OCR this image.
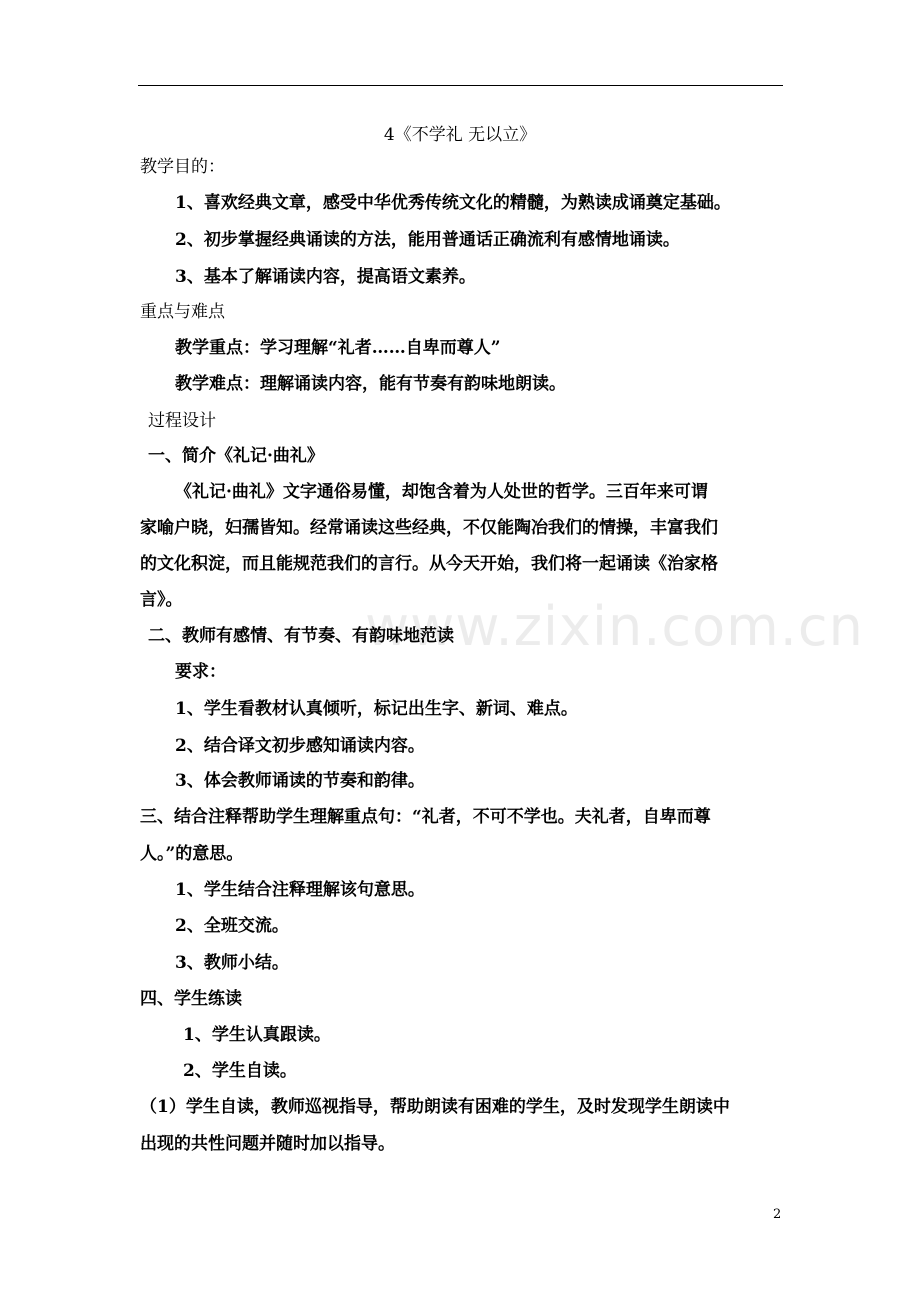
4《不学礼 无以立》
教学目的：
1、喜欢经典文章，感受中华优秀传统文化的精髓，为熟读成诵奠定基础。
2、初步掌握经典诵读的方法，能用普通话正确流利有感情地诵读。
3、基本了解诵读内容，提高语文素养。
重点与难点
教学重点：学习理解“礼者……自卑而尊人”
教学难点：理解诵读内容，能有节奏有韵味地朗读。
过程设计
一、简介《礼记·曲礼》
《礼记·曲礼》文字通俗易懂，却饱含着为人处世的哲学。三百年来可谓
家喻户晓，妇孺皆知。经常诵读这些经典，不仅能陶冶我们的情操，丰富我们
的文化积淀，而且能规范我们的言行。从今天开始，我们将一起诵读《治家格
言》。	www.zixin.com.cn
二、教师有感情、有节奏、有韵味地范读
要求：
1、学生看教材认真倾听，标记出生字、新词、难点。
2、结合译文初步感知诵读内容。
3、体会教师诵读的节奏和韵律。
三、结合注释帮助学生理解重点句：“礼者，不可不学也。夫礼者，自卑而尊
人。”的意思。
1、学生结合注释理解该句意思。
2、全班交流。
3、教师小结。
四、学生练读
1、学生认真跟读。
2、学生自读。
（1）学生自读，教师巡视指导，帮助朗读有困难的学生，及时发现学生朗读中
出现的共性问题并随时加以指导。
2
